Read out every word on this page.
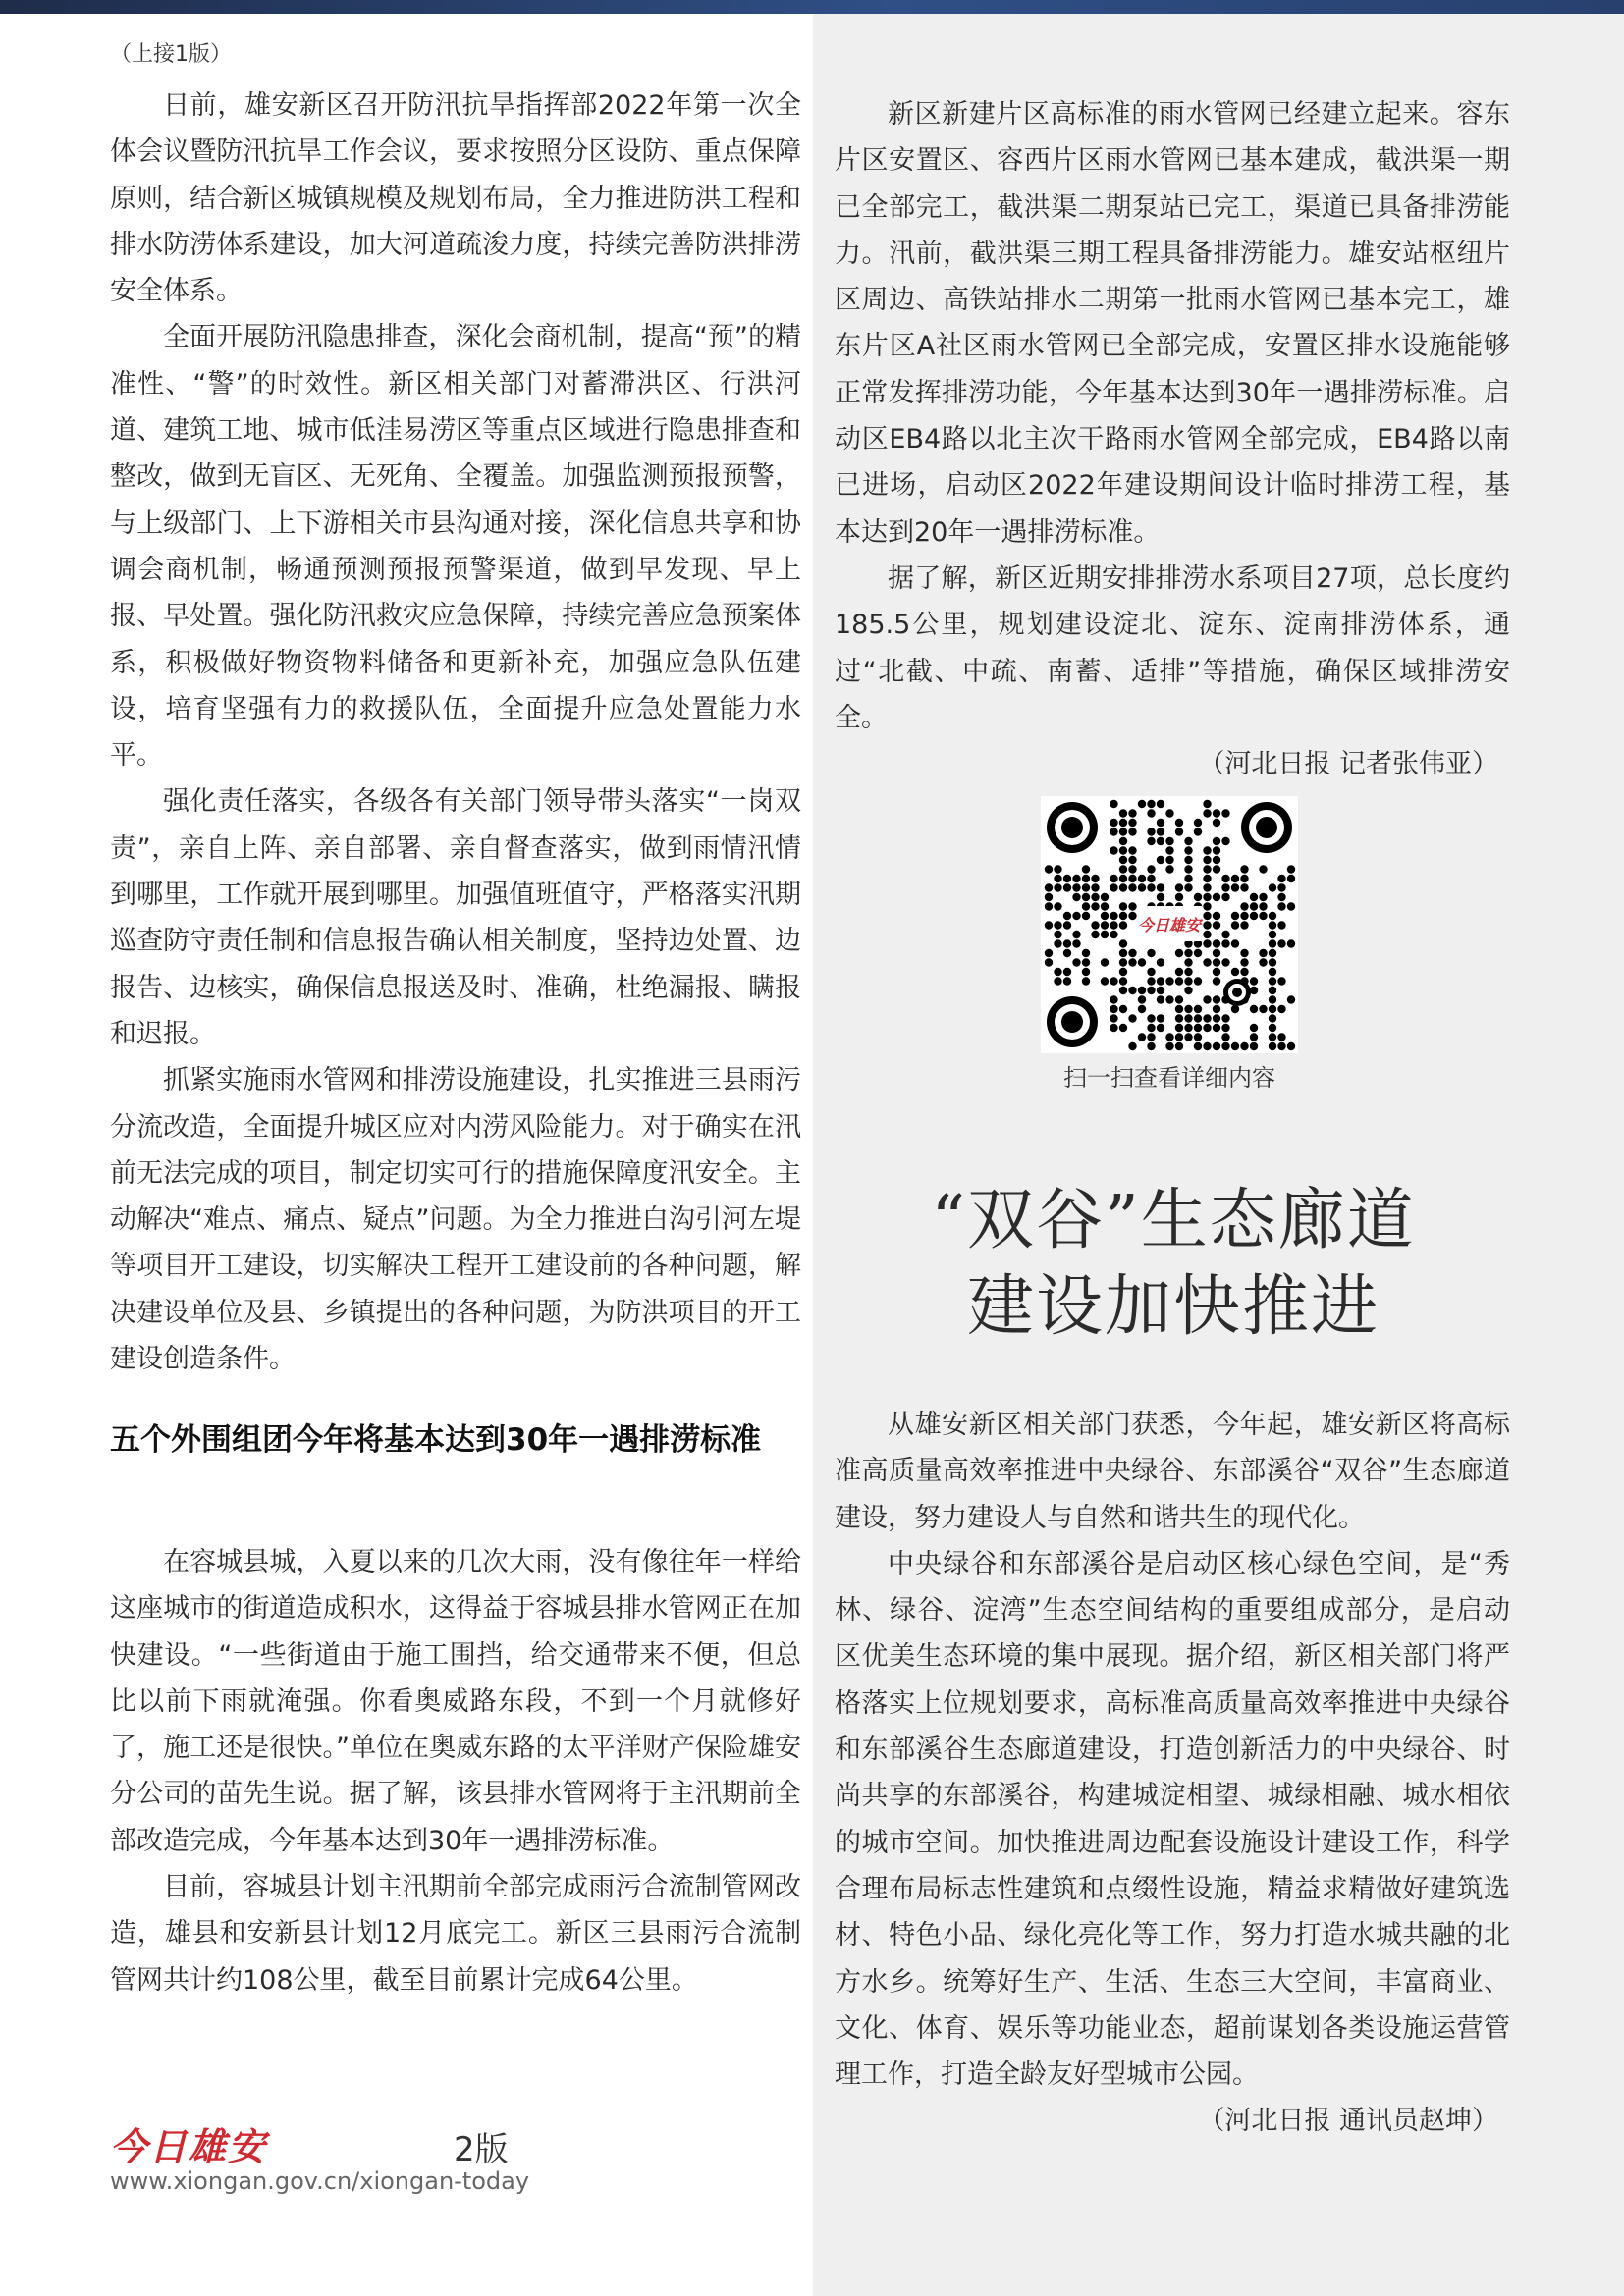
（上接1版）

日前，雄安新区召开防汛抗旱指挥部2022年第一次全体会议暨防汛抗旱工作会议，要求按照分区设防、重点保障原则，结合新区城镇规模及规划布局，全力推进防洪工程和排水防涝体系建设，加大河道疏浚力度，持续完善防洪排涝安全体系。

全面开展防汛隐患排查，深化会商机制，提高“预”的精准性、“警”的时效性。新区相关部门对蓄滞洪区、行洪河道、建筑工地、城市低洼易涝区等重点区域进行隐患排查和整改，做到无盲区、无死角、全覆盖。加强监测预报预警，与上级部门、上下游相关市县沟通对接，深化信息共享和协调会商机制，畅通预测预报预警渠道，做到早发现、早上报、早处置。强化防汛救灾应急保障，持续完善应急预案体系，积极做好物资物料储备和更新补充，加强应急队伍建设，培育坚强有力的救援队伍，全面提升应急处置能力水平。

强化责任落实，各级各有关部门领导带头落实“一岗双责”，亲自上阵、亲自部署、亲自督查落实，做到雨情汛情到哪里，工作就开展到哪里。加强值班值守，严格落实汛期巡查防守责任制和信息报告确认相关制度，坚持边处置、边报告、边核实，确保信息报送及时、准确，杜绝漏报、瞒报和迟报。

抓紧实施雨水管网和排涝设施建设，扎实推进三县雨污分流改造，全面提升城区应对内涝风险能力。对于确实在汛前无法完成的项目，制定切实可行的措施保障度汛安全。主动解决“难点、痛点、疑点”问题。为全力推进白沟引河左堤等项目开工建设，切实解决工程开工建设前的各种问题，解决建设单位及县、乡镇提出的各种问题，为防洪项目的开工建设创造条件。

五个外围组团今年将基本达到30年一遇排涝标准

在容城县城，入夏以来的几次大雨，没有像往年一样给这座城市的街道造成积水，这得益于容城县排水管网正在加快建设。“一些街道由于施工围挡，给交通带来不便，但总比以前下雨就淹强。你看奥威路东段，不到一个月就修好了，施工还是很快。”单位在奥威东路的太平洋财产保险雄安分公司的苗先生说。据了解，该县排水管网将于主汛期前全部改造完成，今年基本达到30年一遇排涝标准。

目前，容城县计划主汛期前全部完成雨污合流制管网改造，雄县和安新县计划12月底完工。新区三县雨污合流制管网共计约108公里，截至目前累计完成64公里。

新区新建片区高标准的雨水管网已经建立起来。容东片区安置区、容西片区雨水管网已基本建成，截洪渠一期已全部完工，截洪渠二期泵站已完工，渠道已具备排涝能力。汛前，截洪渠三期工程具备排涝能力。雄安站枢纽片区周边、高铁站排水二期第一批雨水管网已基本完工，雄东片区A社区雨水管网已全部完成，安置区排水设施能够正常发挥排涝功能，今年基本达到30年一遇排涝标准。启动区EB4路以北主次干路雨水管网全部完成，EB4路以南已进场，启动区2022年建设期间设计临时排涝工程，基本达到20年一遇排涝标准。

据了解，新区近期安排排涝水系项目27项，总长度约185.5公里，规划建设淀北、淀东、淀南排涝体系，通过“北截、中疏、南蓄、适排”等措施，确保区域排涝安全。

（河北日报 记者张伟亚）

今日雄安
扫一扫查看详细内容
“双谷”生态廊道
建设加快推进

从雄安新区相关部门获悉，今年起，雄安新区将高标准高质量高效率推进中央绿谷、东部溪谷“双谷”生态廊道建设，努力建设人与自然和谐共生的现代化。

中央绿谷和东部溪谷是启动区核心绿色空间，是“秀林、绿谷、淀湾”生态空间结构的重要组成部分，是启动区优美生态环境的集中展现。据介绍，新区相关部门将严格落实上位规划要求，高标准高质量高效率推进中央绿谷和东部溪谷生态廊道建设，打造创新活力的中央绿谷、时尚共享的东部溪谷，构建城淀相望、城绿相融、城水相依的城市空间。加快推进周边配套设施设计建设工作，科学合理布局标志性建筑和点缀性设施，精益求精做好建筑选材、特色小品、绿化亮化等工作，努力打造水城共融的北方水乡。统筹好生产、生活、生态三大空间，丰富商业、文化、体育、娱乐等功能业态，超前谋划各类设施运营管理工作，打造全龄友好型城市公园。

（河北日报 通讯员赵坤）

今日雄安	2版
www.xiongan.gov.cn/xiongan-today
